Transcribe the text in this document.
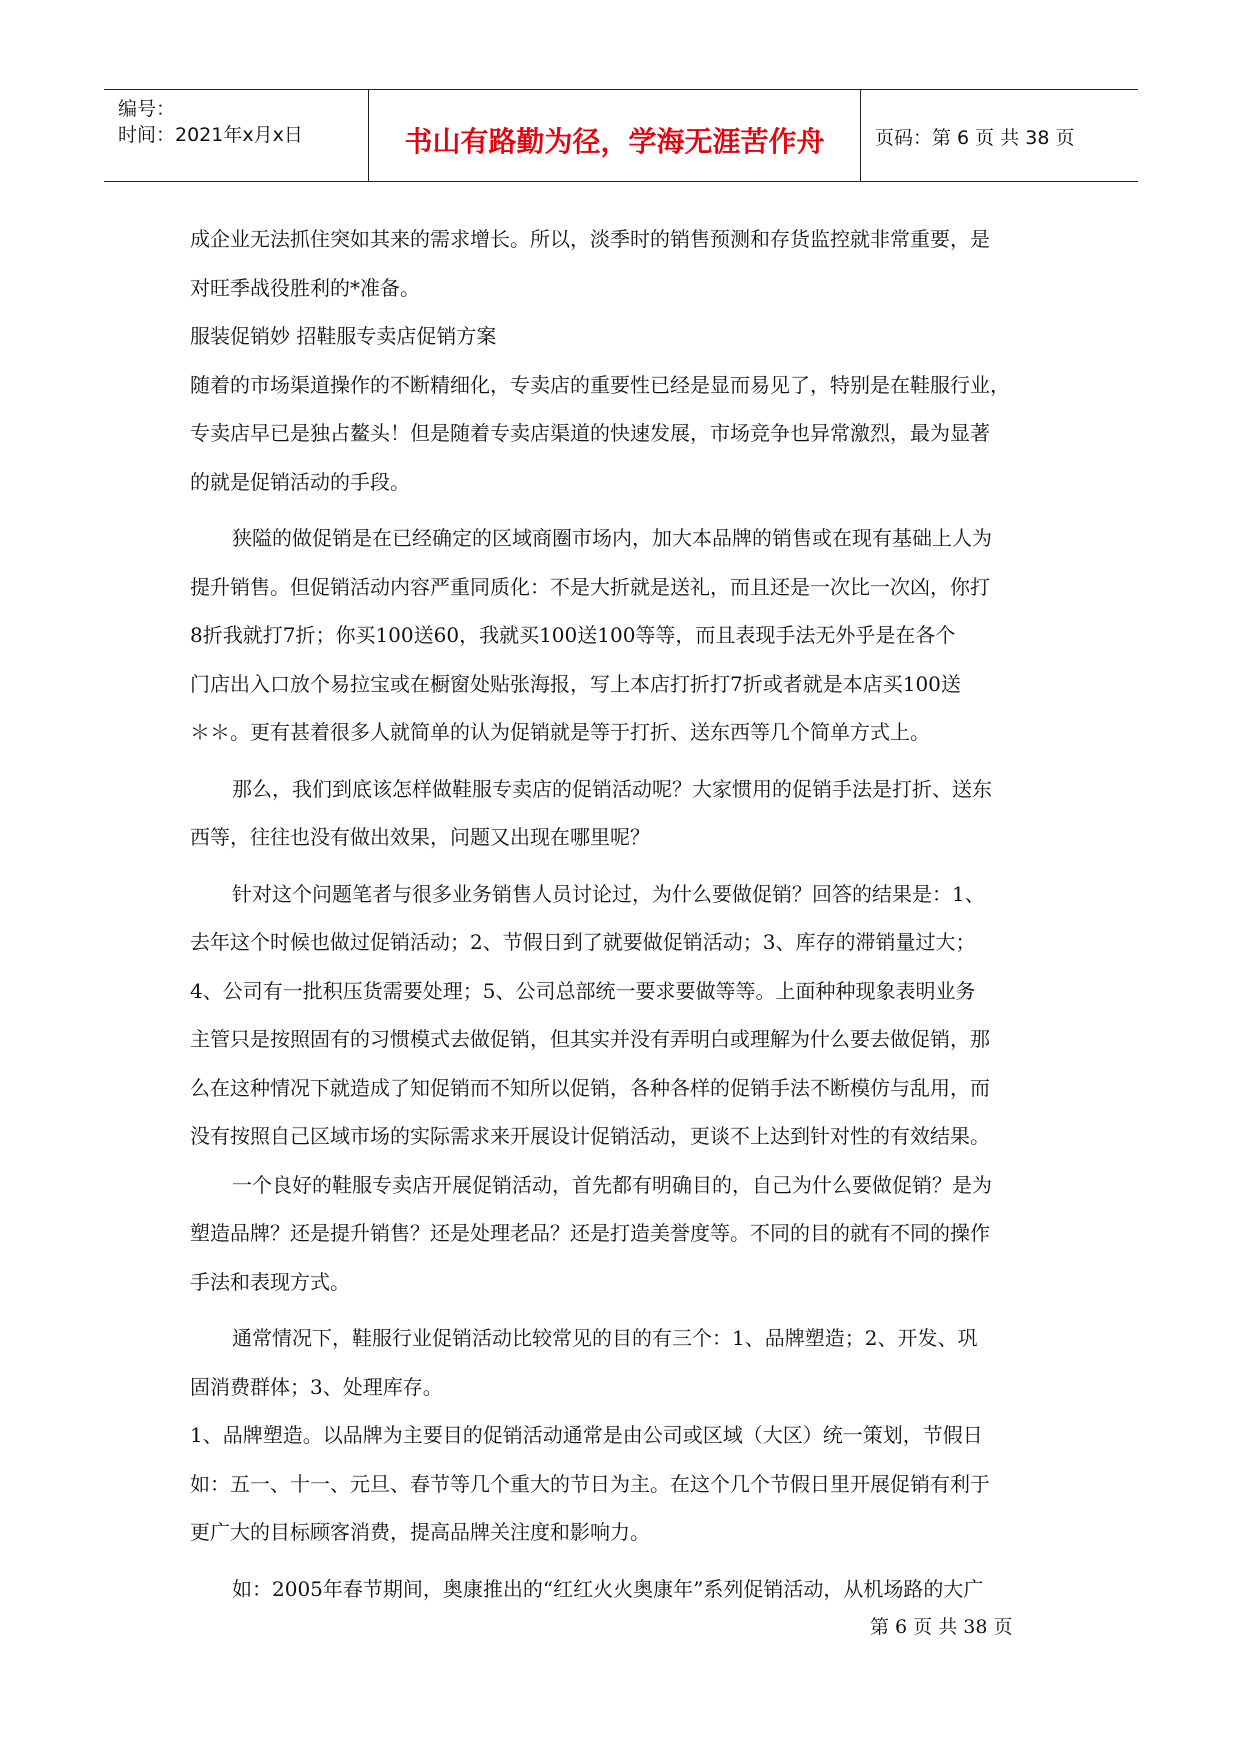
编号：
时间：2021年x月x日	书山有路勤为径，学海无涯苦作舟	页码：第 6 页 共 38 页
成企业无法抓住突如其来的需求增长。所以，淡季时的销售预测和存货监控就非常重要，是
对旺季战役胜利的*准备。
服装促销妙 招鞋服专卖店促销方案
随着的市场渠道操作的不断精细化，专卖店的重要性已经是显而易见了，特别是在鞋服行业，
专卖店早已是独占鳌头！但是随着专卖店渠道的快速发展，市场竞争也异常激烈，最为显著
的就是促销活动的手段。
狭隘的做促销是在已经确定的区域商圈市场内，加大本品牌的销售或在现有基础上人为
提升销售。但促销活动内容严重同质化：不是大折就是送礼，而且还是一次比一次凶，你打
8折我就打7折；你买100送60，我就买100送100等等，而且表现手法无外乎是在各个
门店出入口放个易拉宝或在橱窗处贴张海报，写上本店打折打7折或者就是本店买100送
＊＊。更有甚着很多人就简单的认为促销就是等于打折、送东西等几个简单方式上。
那么，我们到底该怎样做鞋服专卖店的促销活动呢？大家惯用的促销手法是打折、送东
西等，往往也没有做出效果，问题又出现在哪里呢？
针对这个问题笔者与很多业务销售人员讨论过，为什么要做促销？回答的结果是：1、
去年这个时候也做过促销活动；2、节假日到了就要做促销活动；3、库存的滞销量过大；
4、公司有一批积压货需要处理；5、公司总部统一要求要做等等。上面种种现象表明业务
主管只是按照固有的习惯模式去做促销，但其实并没有弄明白或理解为什么要去做促销，那
么在这种情况下就造成了知促销而不知所以促销，各种各样的促销手法不断模仿与乱用，而
没有按照自己区域市场的实际需求来开展设计促销活动，更谈不上达到针对性的有效结果。
一个良好的鞋服专卖店开展促销活动，首先都有明确目的，自己为什么要做促销？是为
塑造品牌？还是提升销售？还是处理老品？还是打造美誉度等。不同的目的就有不同的操作
手法和表现方式。
通常情况下，鞋服行业促销活动比较常见的目的有三个：1、品牌塑造；2、开发、巩
固消费群体；3、处理库存。
1、品牌塑造。以品牌为主要目的促销活动通常是由公司或区域（大区）统一策划，节假日
如：五一、十一、元旦、春节等几个重大的节日为主。在这个几个节假日里开展促销有利于
更广大的目标顾客消费，提高品牌关注度和影响力。
如：2005年春节期间，奥康推出的“红红火火奥康年”系列促销活动，从机场路的大广
第 6 页 共 38 页
